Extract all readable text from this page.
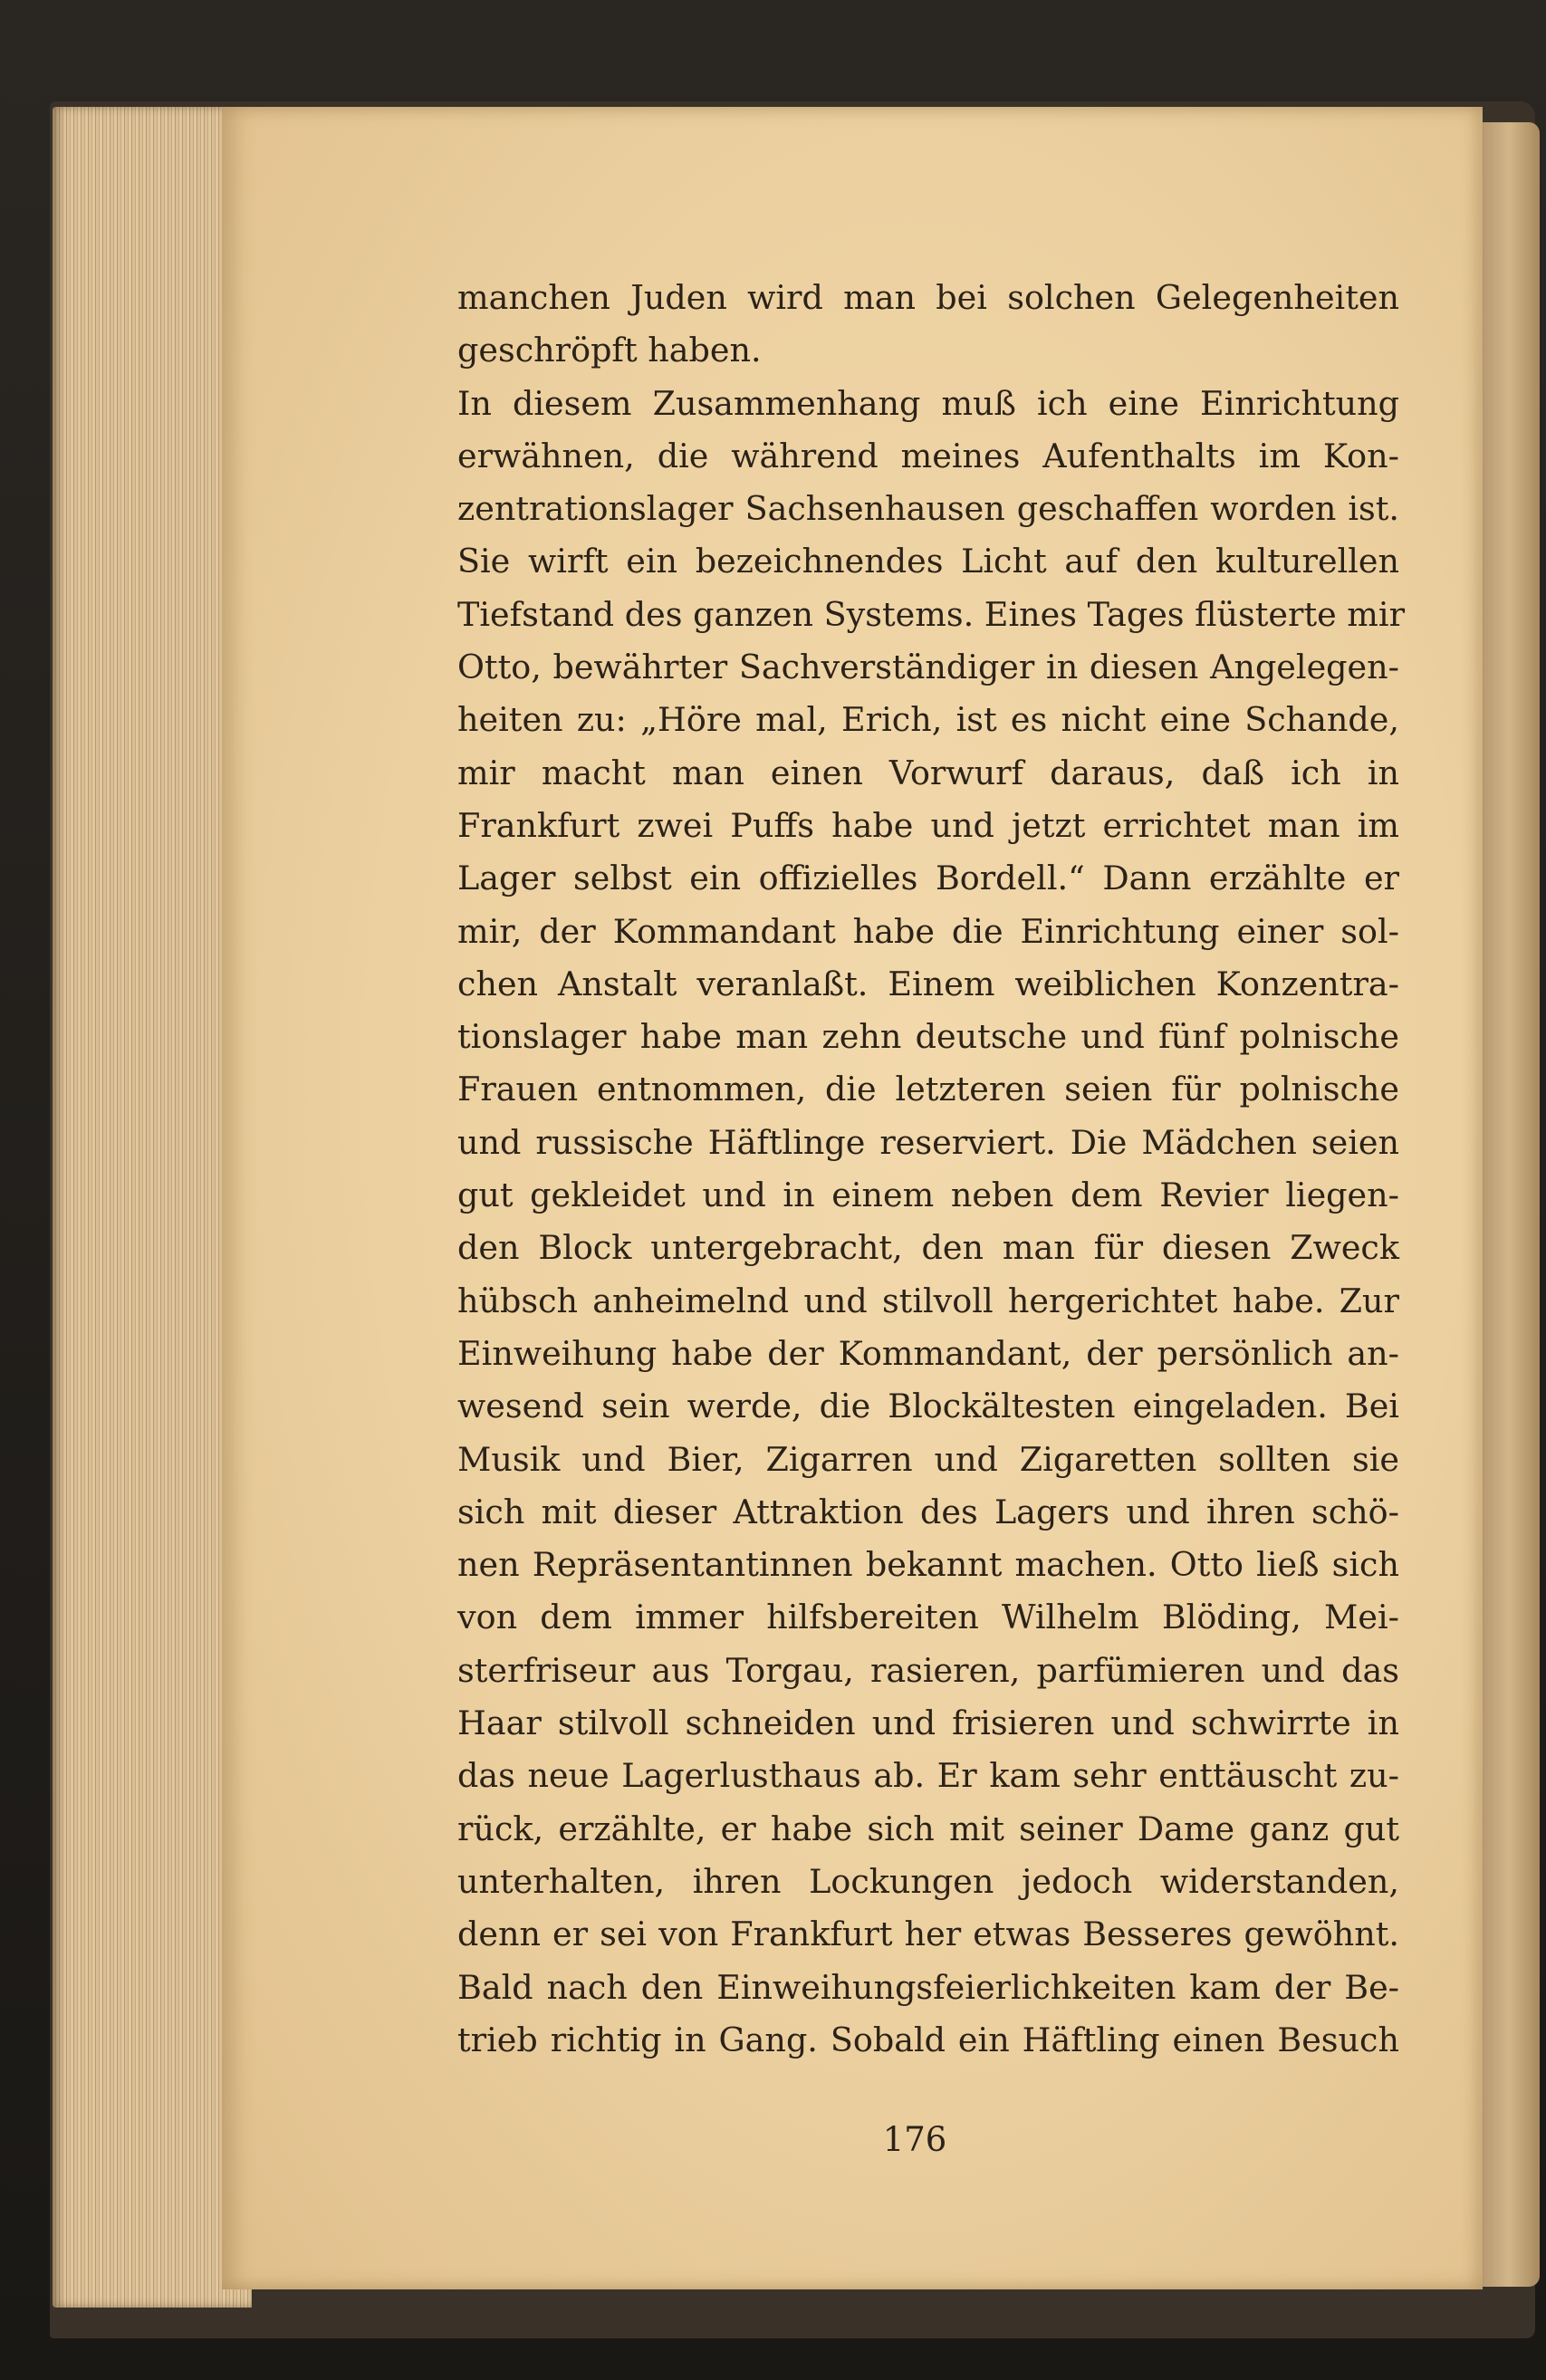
manchen Juden wird man bei solchen Gelegenheiten
geschröpft haben.
In diesem Zusammenhang muß ich eine Einrichtung
erwähnen, die während meines Aufenthalts im Kon-
zentrationslager Sachsenhausen geschaffen worden ist.
Sie wirft ein bezeichnendes Licht auf den kulturellen
Tiefstand des ganzen Systems. Eines Tages flüsterte mir
Otto, bewährter Sachverständiger in diesen Angelegen-
heiten zu: „Höre mal, Erich, ist es nicht eine Schande,
mir macht man einen Vorwurf daraus, daß ich in
Frankfurt zwei Puffs habe und jetzt errichtet man im
Lager selbst ein offizielles Bordell.“ Dann erzählte er
mir, der Kommandant habe die Einrichtung einer sol-
chen Anstalt veranlaßt. Einem weiblichen Konzentra-
tionslager habe man zehn deutsche und fünf polnische
Frauen entnommen, die letzteren seien für polnische
und russische Häftlinge reserviert. Die Mädchen seien
gut gekleidet und in einem neben dem Revier liegen-
den Block untergebracht, den man für diesen Zweck
hübsch anheimelnd und stilvoll hergerichtet habe. Zur
Einweihung habe der Kommandant, der persönlich an-
wesend sein werde, die Blockältesten eingeladen. Bei
Musik und Bier, Zigarren und Zigaretten sollten sie
sich mit dieser Attraktion des Lagers und ihren schö-
nen Repräsentantinnen bekannt machen. Otto ließ sich
von dem immer hilfsbereiten Wilhelm Blöding, Mei-
sterfriseur aus Torgau, rasieren, parfümieren und das
Haar stilvoll schneiden und frisieren und schwirrte in
das neue Lagerlusthaus ab. Er kam sehr enttäuscht zu-
rück, erzählte, er habe sich mit seiner Dame ganz gut
unterhalten, ihren Lockungen jedoch widerstanden,
denn er sei von Frankfurt her etwas Besseres gewöhnt.
Bald nach den Einweihungsfeierlichkeiten kam der Be-
trieb richtig in Gang. Sobald ein Häftling einen Besuch
176
